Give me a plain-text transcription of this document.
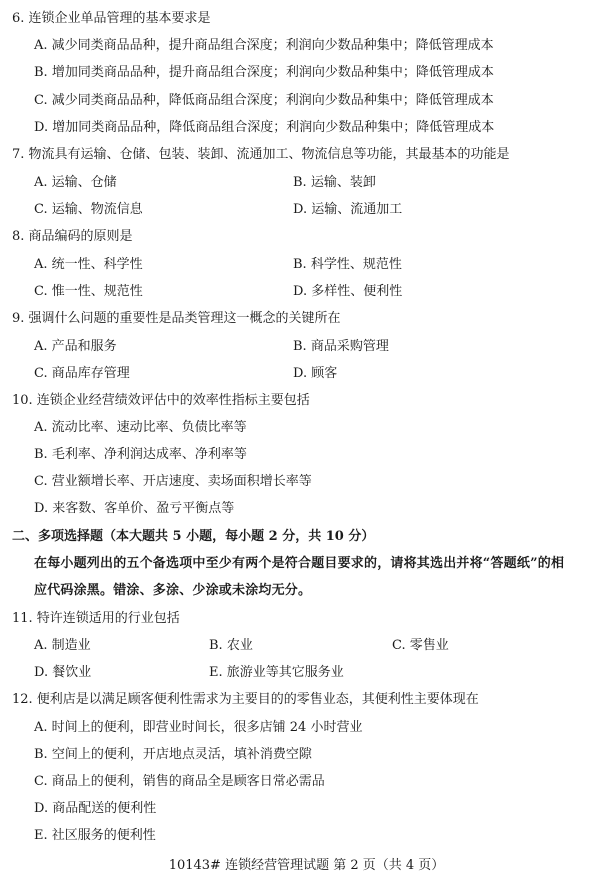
6. 连锁企业单品管理的基本要求是
A. 减少同类商品品种，提升商品组合深度；利润向少数品种集中；降低管理成本
B. 增加同类商品品种，提升商品组合深度；利润向少数品种集中；降低管理成本
C. 减少同类商品品种，降低商品组合深度；利润向少数品种集中；降低管理成本
D. 增加同类商品品种，降低商品组合深度；利润向少数品种集中；降低管理成本
7. 物流具有运输、仓储、包装、装卸、流通加工、物流信息等功能，其最基本的功能是
A. 运输、仓储	B. 运输、装卸
C. 运输、物流信息	D. 运输、流通加工
8. 商品编码的原则是
A. 统一性、科学性	B. 科学性、规范性
C. 惟一性、规范性	D. 多样性、便利性
9. 强调什么问题的重要性是品类管理这一概念的关键所在
A. 产品和服务	B. 商品采购管理
C. 商品库存管理	D. 顾客
10. 连锁企业经营绩效评估中的效率性指标主要包括
A. 流动比率、速动比率、负债比率等
B. 毛利率、净利润达成率、净利率等
C. 营业额增长率、开店速度、卖场面积增长率等
D. 来客数、客单价、盈亏平衡点等
二、多项选择题（本大题共 5 小题，每小题 2 分，共 10 分）
在每小题列出的五个备选项中至少有两个是符合题目要求的，请将其选出并将“答题纸”的相
应代码涂黑。错涂、多涂、少涂或未涂均无分。
11. 特许连锁适用的行业包括
A. 制造业	B. 农业	C. 零售业
D. 餐饮业	E. 旅游业等其它服务业
12. 便利店是以满足顾客便利性需求为主要目的的零售业态，其便利性主要体现在
A. 时间上的便利，即营业时间长，很多店铺 24 小时营业
B. 空间上的便利，开店地点灵活，填补消费空隙
C. 商品上的便利，销售的商品全是顾客日常必需品
D. 商品配送的便利性
E. 社区服务的便利性
10143# 连锁经营管理试题 第 2 页（共 4 页）
